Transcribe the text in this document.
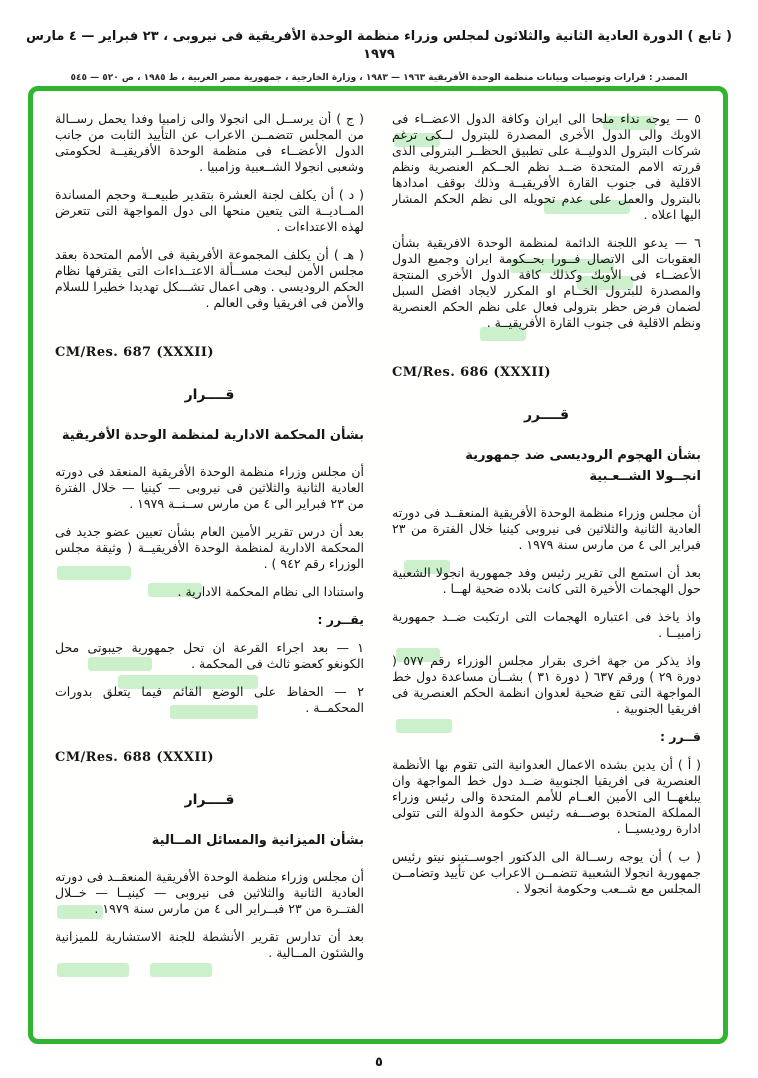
( تابع ) الدورة العادية الثانية والثلاثون لمجلس وزراء منظمة الوحدة الأفريقية فى نيروبى ، ٢٣ فبراير — ٤ مارس ١٩٧٩
المصدر : قرارات وتوصيات وبيانات منظمة الوحدة الأفريقية ١٩٦٣ — ١٩٨٣ ، وزارة الخارجية ، جمهورية مصر العربية ، ط ١٩٨٥ ، ص ٥٢٠ — ٥٤٥

٥ — يوجه نداء ملحا الى ايران وكافة الدول الاعضــاء فى الاوبك والى الدول الأخرى المصدرة للبترول لــكى ترغم شركات البترول الدوليــة على تطبيق الحظــر البترولى الذى قررته الامم المتحدة ضــد نظم الحــكم العنصرية ونظم الاقلية فى جنوب القارة الأفريقيــة وذلك بوقف امدادها بالبترول والعمل على عدم تحويله الى نظم الحكم المشار اليها اعلاه .

٦ — يدعو اللجنة الدائمة لمنظمة الوحدة الافريقية بشأن العقوبات الى الاتصال فــورا بحــكومة ايران وجميع الدول الأعضــاء فى الأوبك وكذلك كافة الدول الأخرى المنتجة والمصدرة للبترول الخــام او المكرر لايجاد افضل السبل لضمان فرض حظر بترولى فعال على نظم الحكم العنصرية ونظم الاقلية فى جنوب القارة الأفريقيــة .

CM/Res. 686 (XXXII)
قــــرر
بشأن الهجوم الروديسى ضد جمهورية
انجــولا الشــعـبية

أن مجلس وزراء منظمة الوحدة الأفريقية المنعقــد فى دورته العادية الثانية والثلاثين فى نيروبى كينيا خلال الفترة من ٢٣ فبراير الى ٤ من مارس سنة ١٩٧٩ .

بعد أن استمع الى تقرير رئيس وفد جمهورية انجولا الشعبية حول الهجمات الأخيرة التى كانت بلاده ضحية لهــا .

واذ ياخذ فى اعتباره الهجمات التى ارتكبت ضــد جمهورية زامبيــا .

واذ يذكر من جهة اخرى بقرار مجلس الوزراء رقم ٥٧٧ ( دورة ٢٩ ) ورقم ٦٣٧ ( دورة ٣١ ) بشــأن مساعدة دول خط المواجهة التى تقع ضحية لعدوان انظمة الحكم العنصرية فى افريقيا الجنوبية .

قــرر :

( أ ) أن يدين بشده الاعمال العدوانية التى تقوم بها الأنظمة العنصرية فى افريقيا الجنوبية ضــد دول خط المواجهة وان يبلغهــا الى الأمين العــام للأمم المتحدة والى رئيس وزراء المملكة المتحدة بوصـــفه رئيس حكومة الدولة التى تتولى ادارة روديسيــا .

( ب ) أن يوجه رســالة الى الدكتور اجوســتينو نيتو رئيس جمهورية انجولا الشعبية تتضمــن الاعراب عن تأييد وتضامــن المجلس مع شــعب وحكومة انجولا .

( ج ) أن يرســل الى انجولا والى زامبيا وفدا يحمل رســالة من المجلس تتضمــن الاعراب عن التأييد الثابت من جانب الدول الأعضــاء فى منظمة الوحدة الأفريقيــة لحكومتى وشعبى انجولا الشــعبية وزامبيا .

( د ) أن يكلف لجنة العشرة بتقدير طبيعــة وحجم المساندة المــاديــة التى يتعين منحها الى دول المواجهة التى تتعرض لهذه الاعتداءات .

( هـ ) أن يكلف المجموعة الأفريقية فى الأمم المتحدة بعقد مجلس الأمن لبحث مســألة الاعتــداءات التى يقترفها نظام الحكم الروديسى . وهى اعمال تشـــكل تهديدا خطيرا للسلام والأمن فى افريقيا وفى العالم .

CM/Res. 687 (XXXII)
قــــرار
بشأن المحكمة الادارية لمنظمة الوحدة الأفريقية

أن مجلس وزراء منظمة الوحدة الأفريقية المنعقد فى دورته العادية الثانية والثلاثين فى نيروبى — كينيا — خلال الفترة من ٢٣ فبراير الى ٤ من مارس ســنــة ١٩٧٩ .

بعد أن درس تقرير الأمين العام بشأن تعيين عضو جديد فى المحكمة الادارية لمنظمة الوحدة الأفريقيــة ( وثيقة مجلس الوزراء رقم ٩٤٢ ) .

واستنادا الى نظام المحكمة الادارية .

يقــرر :

١ — بعد اجراء القرعة ان تحل جمهورية جيبوتى محل الكونغو كعضو ثالث فى المحكمة .

٢ — الحفاظ على الوضع القائم فيما يتعلق بدورات المحكمــة .

CM/Res. 688 (XXXII)
قــــرار
بشأن الميزانية والمسائل المــالية

أن مجلس وزراء منظمة الوحدة الأفريقية المنعقــد فى دورته العادية الثانية والثلاثين فى نيروبى — كينيــا — خــلال الفتــرة من ٢٣ فبــراير الى ٤ من مارس سنة ١٩٧٩ .

بعد أن تدارس تقرير الأنشطة للجنة الاستشارية للميزانية والشئون المــالية .

٥
